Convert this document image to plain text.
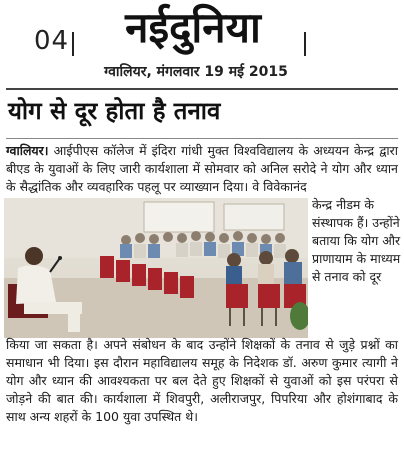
04	नईदुनिया
ग्वालियर, मंगलवार 19 मई 2015
योग से दूर होता है तनाव

ग्वालियर। आईपीएस कॉलेज में इंदिरा गांधी मुक्त विश्वविद्यालय के अध्ययन केन्द्र द्वारा बीएड के युवाओं के लिए जारी कार्यशाला में सोमवार को अनिल सरोदे ने योग और ध्यान के सैद्धांतिक और व्यवहारिक पहलू पर व्याख्यान दिया। वे विवेकानंद

केन्द्र नीडम के संस्थापक हैं। उन्होंने बताया कि योग और प्राणायाम के माध्यम से तनाव को दूर

किया जा सकता है। अपने संबोधन के बाद उन्होंने शिक्षकों के तनाव से जुड़े प्रश्नों का समाधान भी दिया। इस दौरान महाविद्यालय समूह के निदेशक डॉ. अरुण कुमार त्यागी ने योग और ध्यान की आवश्यकता पर बल देते हुए शिक्षकों से युवाओं को इस परंपरा से जोड़ने की बात की। कार्यशाला में शिवपुरी, अलीराजपुर, पिपरिया और होशंगाबाद के साथ अन्य शहरों के 100 युवा उपस्थित थे।
